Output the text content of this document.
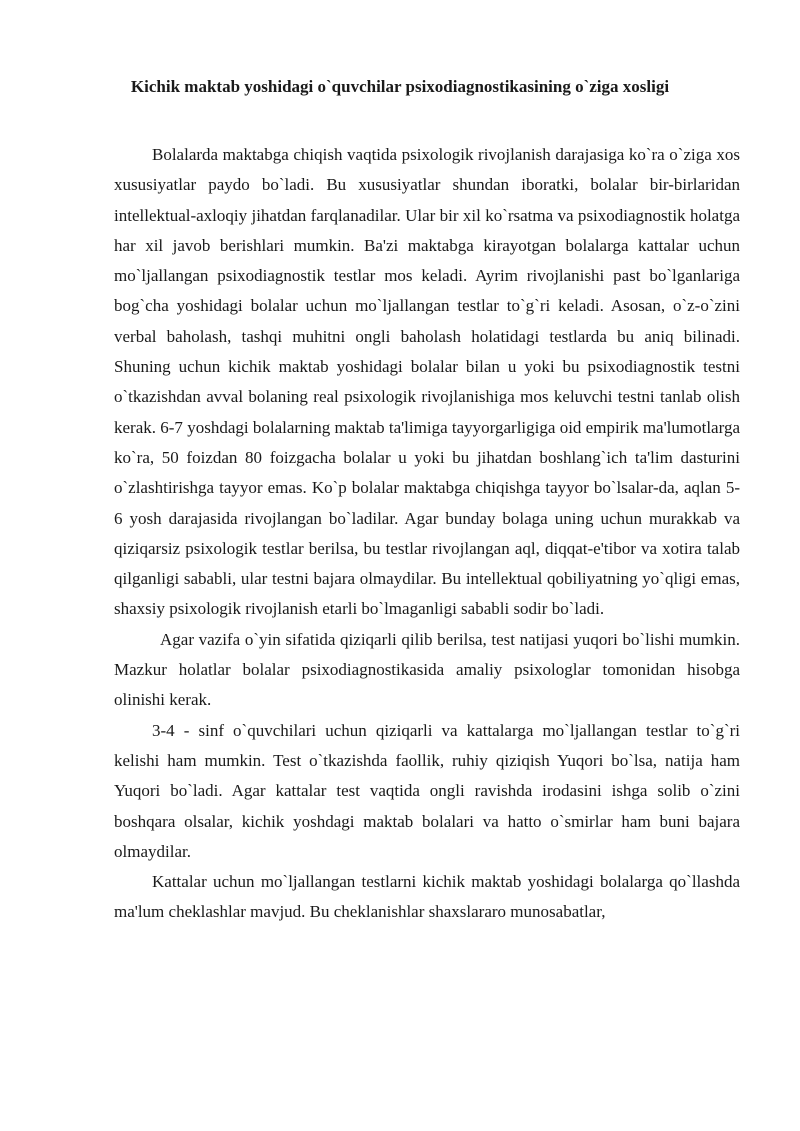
Kichik maktab yoshidagi o`quvchilar psixodiagnostikasining o`ziga xosligi

Bolalarda maktabga chiqish vaqtida psixologik rivojlanish darajasiga ko`ra o`ziga xos xususiyatlar paydo bo`ladi. Bu xususiyatlar shundan iboratki, bolalar bir-birlaridan intellektual-axloqiy jihatdan farqlanadilar. Ular bir xil ko`rsatma va psixodiagnostik holatga har xil javob berishlari mumkin. Ba'zi maktabga kirayotgan bolalarga kattalar uchun mo`ljallangan psixodiagnostik testlar mos keladi. Ayrim rivojlanishi past bo`lganlariga bog`cha yoshidagi bolalar uchun mo`ljallangan testlar to`g`ri keladi. Asosan, o`z-o`zini verbal baholash, tashqi muhitni ongli baholash holatidagi testlarda bu aniq bilinadi. Shuning uchun kichik maktab yoshidagi bolalar bilan u yoki bu psixodiagnostik testni o`tkazishdan avval bolaning real psixologik rivojlanishiga mos keluvchi testni tanlab olish kerak. 6-7 yoshdagi bolalarning maktab ta'limiga tayyorgarligiga oid empirik ma'lumotlarga ko`ra, 50 foizdan 80 foizgacha bolalar u yoki bu jihatdan boshlang`ich ta'lim dasturini o`zlashtirishga tayyor emas. Ko`p bolalar maktabga chiqishga tayyor bo`lsalar-da, aqlan 5-6 yosh darajasida rivojlangan bo`ladilar. Agar bunday bolaga uning uchun murakkab va qiziqarsiz psixologik testlar berilsa, bu testlar rivojlangan aql, diqqat-e'tibor va xotira talab qilganligi sababli, ular testni bajara olmaydilar. Bu intellektual qobiliyatning yo`qligi emas, shaxsiy psixologik rivojlanish etarli bo`lmaganligi sababli sodir bo`ladi.

Agar vazifa o`yin sifatida qiziqarli qilib berilsa, test natijasi yuqori bo`lishi mumkin. Mazkur holatlar bolalar psixodiagnostikasida amaliy psixologlar tomonidan hisobga olinishi kerak.

3-4 - sinf o`quvchilari uchun qiziqarli va kattalarga mo`ljallangan testlar to`g`ri kelishi ham mumkin. Test o`tkazishda faollik, ruhiy qiziqish Yuqori bo`lsa, natija ham Yuqori bo`ladi. Agar kattalar test vaqtida ongli ravishda irodasini ishga solib o`zini boshqara olsalar, kichik yoshdagi maktab bolalari va hatto o`smirlar ham buni bajara olmaydilar.

Kattalar uchun mo`ljallangan testlarni kichik maktab yoshidagi bolalarga qo`llashda ma'lum cheklashlar mavjud. Bu cheklanishlar shaxslararo munosabatlar,
